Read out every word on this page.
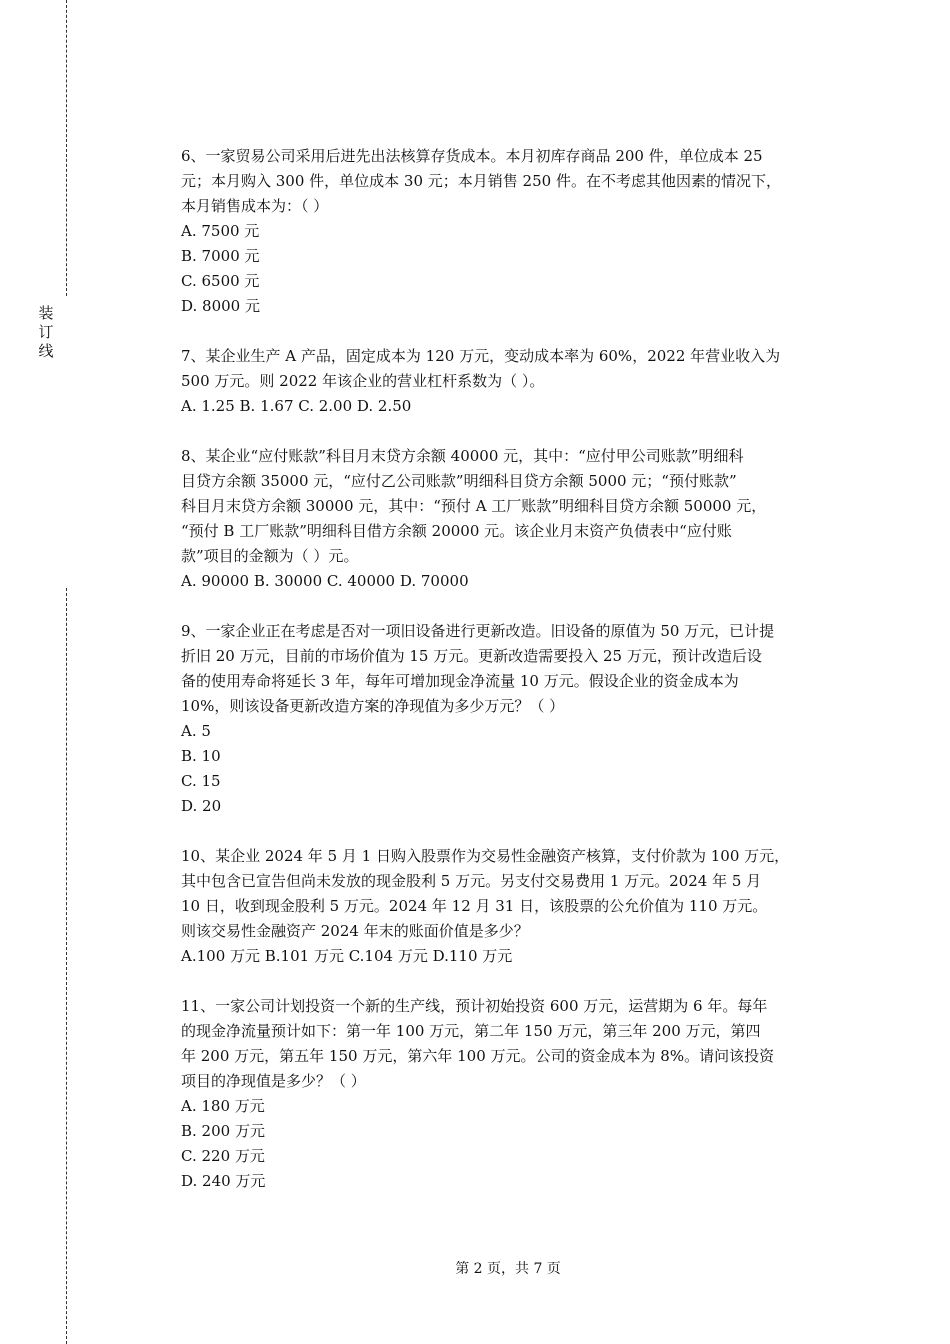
装
订
线
6、一家贸易公司采用后进先出法核算存货成本。本月初库存商品 200 件，单位成本 25
元；本月购入 300 件，单位成本 30 元；本月销售 250 件。在不考虑其他因素的情况下，
本月销售成本为：（ ）
A. 7500 元
B. 7000 元
C. 6500 元
D. 8000 元
7、某企业生产 A 产品，固定成本为 120 万元，变动成本率为 60%，2022 年营业收入为
500 万元。则 2022 年该企业的营业杠杆系数为（ ）。
A. 1.25 B. 1.67 C. 2.00 D. 2.50
8、某企业“应付账款”科目月末贷方余额 40000 元，其中：“应付甲公司账款”明细科
目贷方余额 35000 元，“应付乙公司账款”明细科目贷方余额 5000 元；“预付账款”
科目月末贷方余额 30000 元，其中：“预付 A 工厂账款”明细科目贷方余额 50000 元，
“预付 B 工厂账款”明细科目借方余额 20000 元。该企业月末资产负债表中“应付账
款”项目的金额为（ ）元。
A. 90000 B. 30000 C. 40000 D. 70000
9、一家企业正在考虑是否对一项旧设备进行更新改造。旧设备的原值为 50 万元，已计提
折旧 20 万元，目前的市场价值为 15 万元。更新改造需要投入 25 万元，预计改造后设
备的使用寿命将延长 3 年，每年可增加现金净流量 10 万元。假设企业的资金成本为
10%，则该设备更新改造方案的净现值为多少万元？（ ）
A. 5
B. 10
C. 15
D. 20
10、某企业 2024 年 5 月 1 日购入股票作为交易性金融资产核算，支付价款为 100 万元，
其中包含已宣告但尚未发放的现金股利 5 万元。另支付交易费用 1 万元。2024 年 5 月
10 日，收到现金股利 5 万元。2024 年 12 月 31 日，该股票的公允价值为 110 万元。
则该交易性金融资产 2024 年末的账面价值是多少？
A.100 万元 B.101 万元 C.104 万元 D.110 万元
11、一家公司计划投资一个新的生产线，预计初始投资 600 万元，运营期为 6 年。每年
的现金净流量预计如下：第一年 100 万元，第二年 150 万元，第三年 200 万元，第四
年 200 万元，第五年 150 万元，第六年 100 万元。公司的资金成本为 8%。请问该投资
项目的净现值是多少？（ ）
A. 180 万元
B. 200 万元
C. 220 万元
D. 240 万元
第 2 页，共 7 页
